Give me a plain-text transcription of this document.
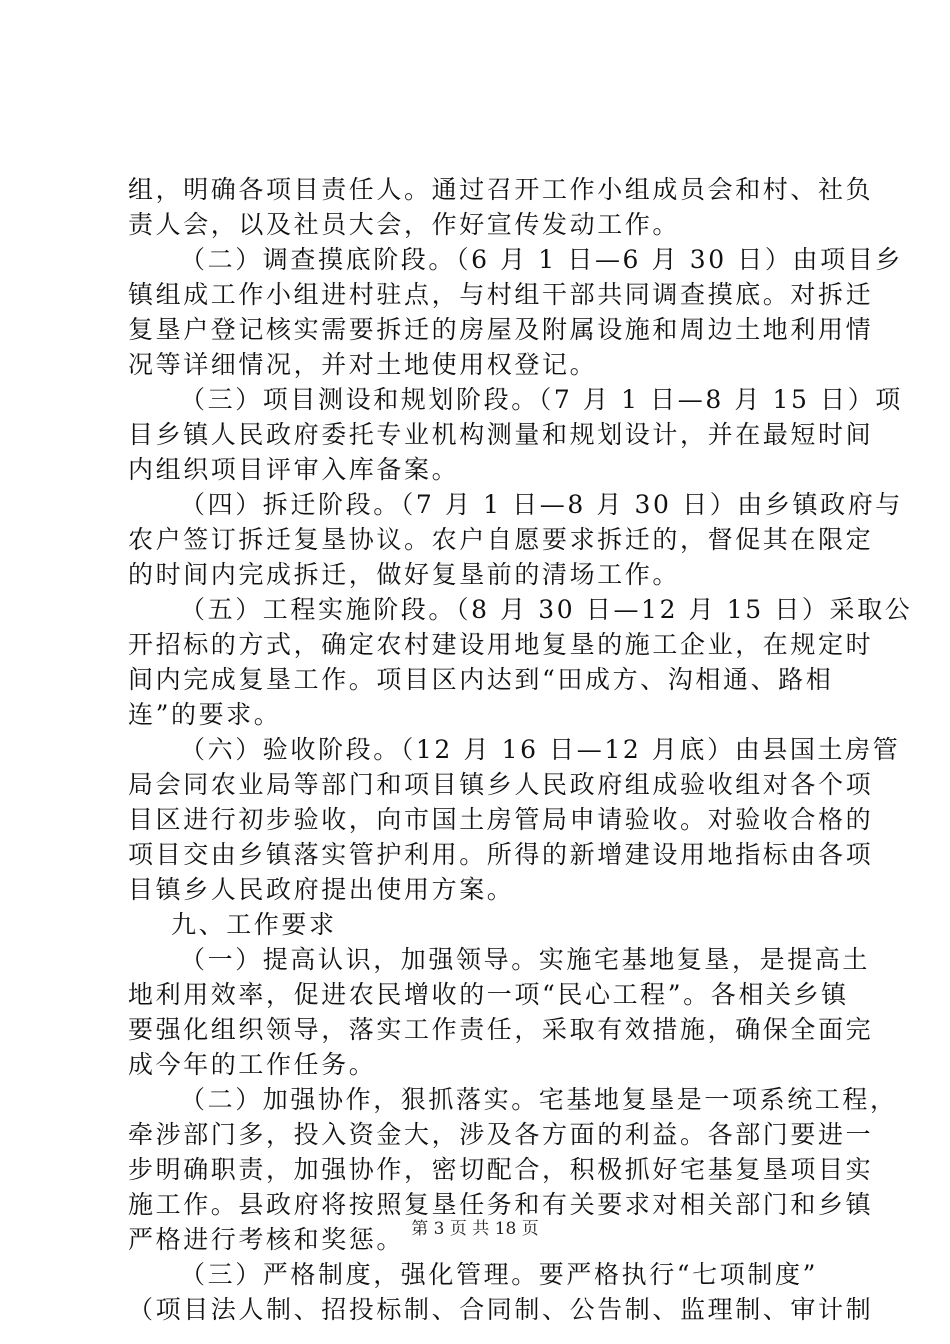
组，明确各项目责任人。通过召开工作小组成员会和村、社负
责人会，以及社员大会，作好宣传发动工作。
（二）调查摸底阶段。（6 月 1 日—6 月 30 日）由项目乡
镇组成工作小组进村驻点，与村组干部共同调查摸底。对拆迁
复垦户登记核实需要拆迁的房屋及附属设施和周边土地利用情
况等详细情况，并对土地使用权登记。
（三）项目测设和规划阶段。（7 月 1 日—8 月 15 日）项
目乡镇人民政府委托专业机构测量和规划设计，并在最短时间
内组织项目评审入库备案。
（四）拆迁阶段。（7 月 1 日—8 月 30 日）由乡镇政府与
农户签订拆迁复垦协议。农户自愿要求拆迁的，督促其在限定
的时间内完成拆迁，做好复垦前的清场工作。
（五）工程实施阶段。（8 月 30 日—12 月 15 日）采取公
开招标的方式，确定农村建设用地复垦的施工企业，在规定时
间内完成复垦工作。项目区内达到“田成方、沟相通、路相
连”的要求。
（六）验收阶段。（12 月 16 日—12 月底）由县国土房管
局会同农业局等部门和项目镇乡人民政府组成验收组对各个项
目区进行初步验收，向市国土房管局申请验收。对验收合格的
项目交由乡镇落实管护利用。所得的新增建设用地指标由各项
目镇乡人民政府提出使用方案。
九、工作要求
（一）提高认识，加强领导。实施宅基地复垦，是提高土
地利用效率，促进农民增收的一项“民心工程”。各相关乡镇
要强化组织领导，落实工作责任，采取有效措施，确保全面完
成今年的工作任务。
（二）加强协作，狠抓落实。宅基地复垦是一项系统工程，
牵涉部门多，投入资金大，涉及各方面的利益。各部门要进一
步明确职责，加强协作，密切配合，积极抓好宅基复垦项目实
施工作。县政府将按照复垦任务和有关要求对相关部门和乡镇
严格进行考核和奖惩。
（三）严格制度，强化管理。要严格执行“七项制度”
（项目法人制、招投标制、合同制、公告制、监理制、审计制
第 3 页 共 18 页
